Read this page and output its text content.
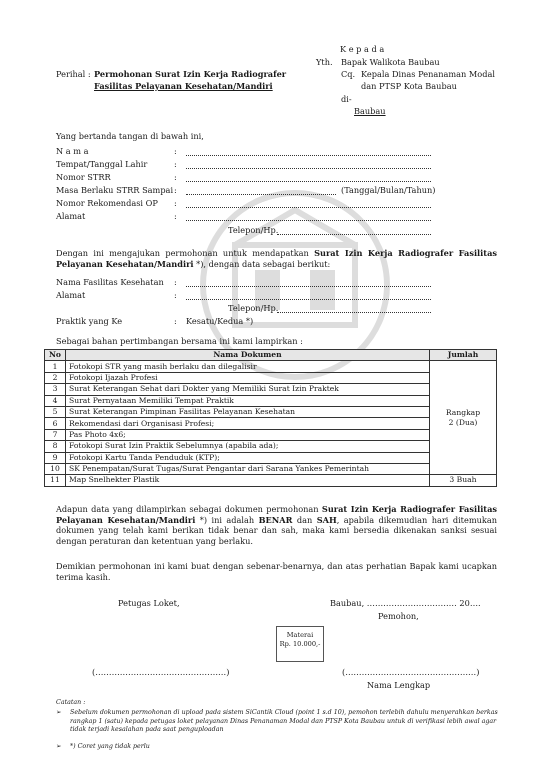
K e p a d a
Yth. Bapak Walikota Baubau
Cq. Kepala Dinas Penanaman Modal
dan PTSP Kota Baubau
di-
Baubau
Perihal : Permohonan Surat Izin Kerja Radiografer
Fasilitas Pelayanan Kesehatan/Mandiri
Yang bertanda tangan di bawah ini,
N a m a	:
Tempat/Tanggal Lahir	:
Nomor STRR	:
Masa Berlaku STRR Sampai :	(Tanggal/Bulan/Tahun)
Nomor Rekomendasi OP :
Alamat	:
Telepon/Hp.
Dengan ini mengajukan permohonan untuk mendapatkan Surat Izin Kerja Radiografer Fasilitas Pelayanan Kesehatan/Mandiri *), dengan data sebagai berikut:
Nama Fasilitas Kesehatan :
Alamat	:
Telepon/Hp.
Praktik yang Ke	: Kesatu/Kedua *)
Sebagai bahan pertimbangan bersama ini kami lampirkan :
No	Nama Dokumen	Jumlah
1	Fotokopi STR yang masih berlaku dan dilegalisir	Rangkap
2 (Dua)
2	Fotokopi Ijazah Profesi	
3	Surat Keterangan Sehat dari Dokter yang Memiliki Surat Izin Praktek	
4	Surat Pernyataan Memiliki Tempat Praktik	
5	Surat Keterangan Pimpinan Fasilitas Pelayanan Kesehatan	
6	Rekomendasi dari Organisasi Profesi;	
7	Pas Photo 4x6;	
8	Fotokopi Surat Izin Praktik Sebelumnya (apabila ada);	
9	Fotokopi Kartu Tanda Penduduk (KTP);	
10	SK Penempatan/Surat Tugas/Surat Pengantar dari Sarana Yankes Pemerintah	
11	Map Snelhekter Plastik	3 Buah
Adapun data yang dilampirkan sebagai dokumen permohonan Surat Izin Kerja Radiografer Fasilitas Pelayanan Kesehatan/Mandiri *) ini adalah BENAR dan SAH, apabila dikemudian hari ditemukan dokumen yang telah kami berikan tidak benar dan sah, maka kami bersedia dikenakan sanksi sesuai dengan peraturan dan ketentuan yang berlaku.
Demikian permohonan ini kami buat dengan sebenar-benarnya, dan atas perhatian Bapak kami ucapkan terima kasih.
Petugas Loket,	Baubau, …………………………… 20….
Pemohon,
Materai
Rp. 10.000,-
(…………………………………………)	(…………………………………………)
Nama Lengkap
Catatan :
➢	Sebelum dokumen permohonan di upload pada sistem SiCantik Cloud (point 1 s.d 10), pemohon terlebih dahulu menyerahkan berkas rangkap 1 (satu) kepada petugas loket pelayanan Dinas Penanaman Modal dan PTSP Kota Baubau untuk di verifikasi lebih awal agar tidak terjadi kesalahan pada saat penguploadan
➢	*) Coret yang tidak perlu
